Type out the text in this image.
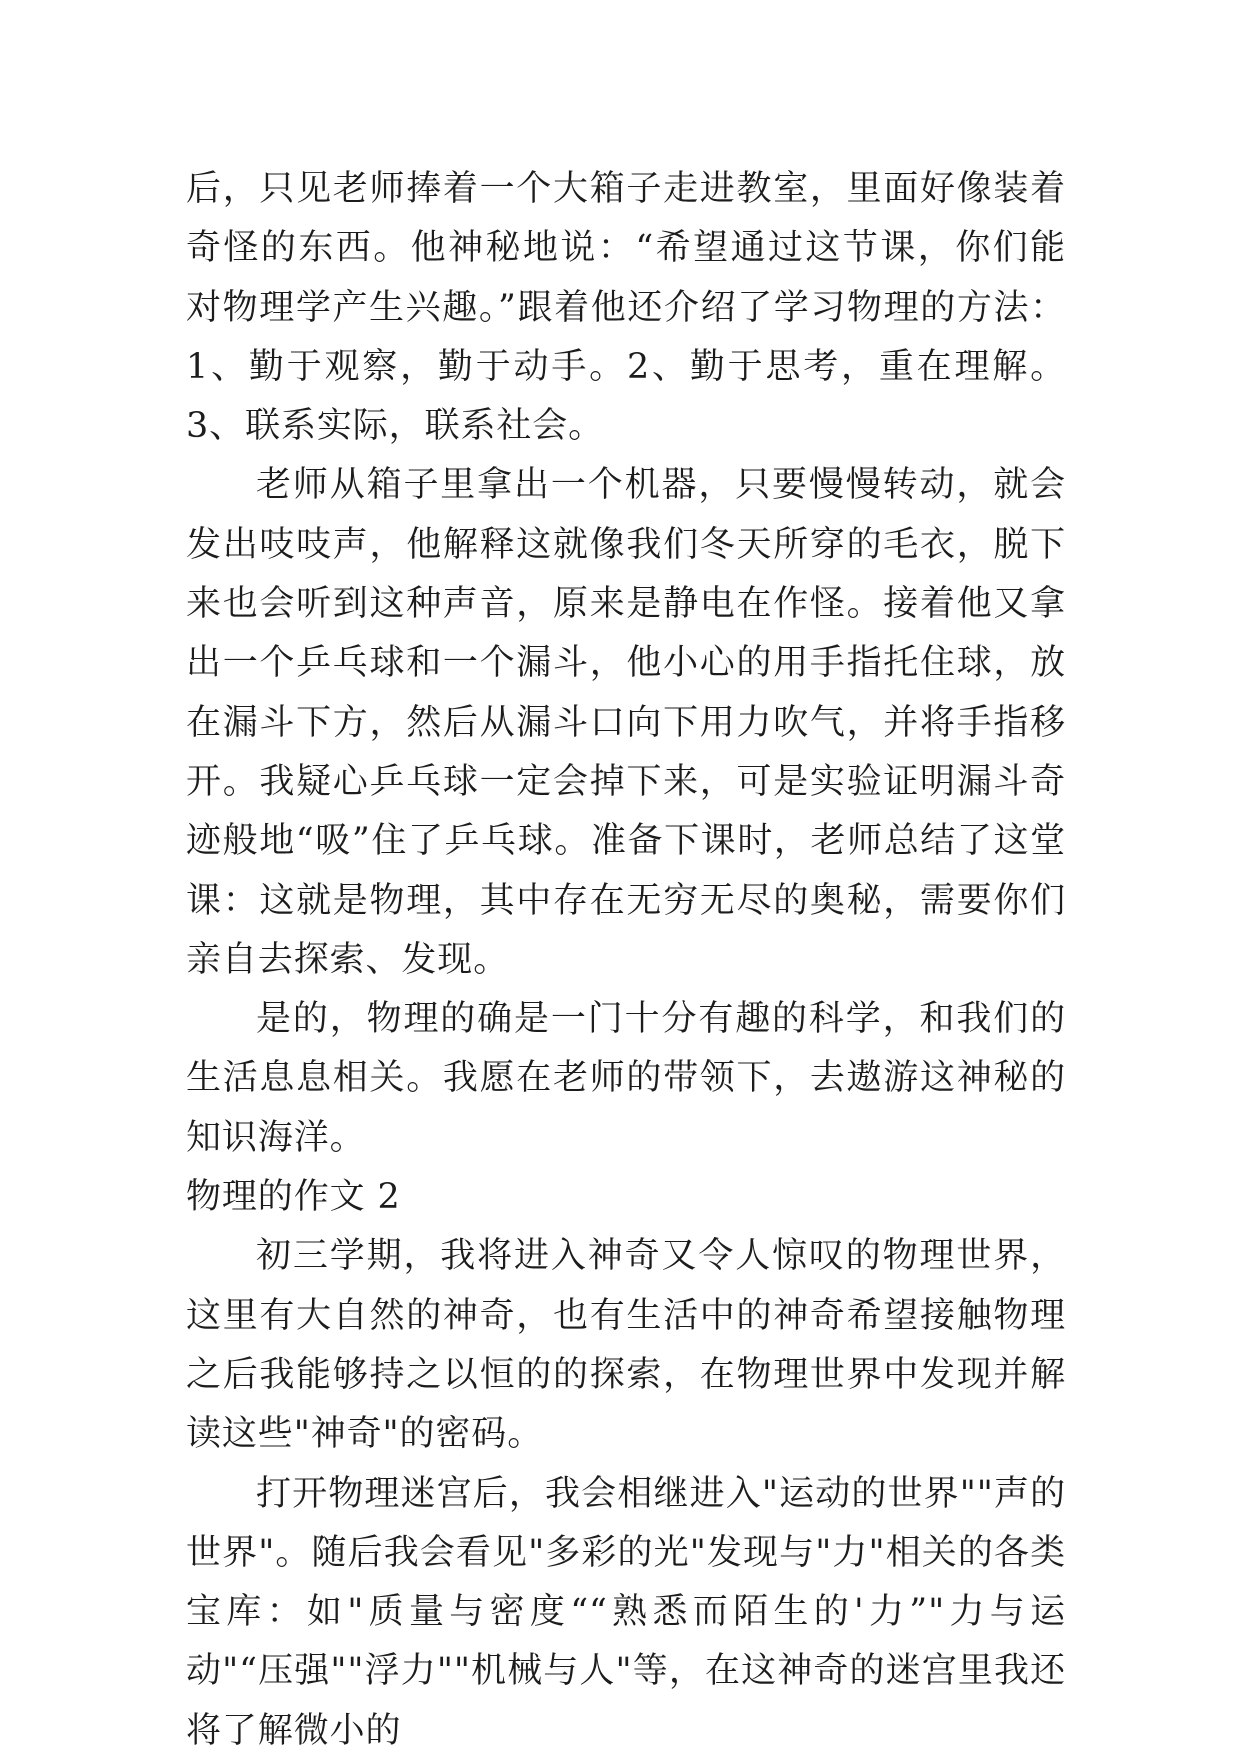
后，只见老师捧着一个大箱子走进教室，里面好像装着奇怪的东西。他神秘地说：“希望通过这节课，你们能对物理学产生兴趣。”跟着他还介绍了学习物理的方法：1、勤于观察，勤于动手。2、勤于思考，重在理解。3、联系实际，联系社会。

老师从箱子里拿出一个机器，只要慢慢转动，就会发出吱吱声，他解释这就像我们冬天所穿的毛衣，脱下来也会听到这种声音，原来是静电在作怪。接着他又拿出一个乒乓球和一个漏斗，他小心的用手指托住球，放在漏斗下方，然后从漏斗口向下用力吹气，并将手指移开。我疑心乒乓球一定会掉下来，可是实验证明漏斗奇迹般地“吸”住了乒乓球。准备下课时，老师总结了这堂课：这就是物理，其中存在无穷无尽的奥秘，需要你们亲自去探索、发现。

是的，物理的确是一门十分有趣的科学，和我们的生活息息相关。我愿在老师的带领下，去遨游这神秘的知识海洋。

物理的作文 2

初三学期，我将进入神奇又令人惊叹的物理世界，这里有大自然的神奇，也有生活中的神奇希望接触物理之后我能够持之以恒的的探索，在物理世界中发现并解读这些"神奇"的密码。

打开物理迷宫后，我会相继进入"运动的世界""声的世界"。随后我会看见"多彩的光"发现与"力"相关的各类宝库：如"质量与密度““熟悉而陌生的'力”"力与运动"“压强""浮力""机械与人"等，在这神奇的迷宫里我还将了解微小的
